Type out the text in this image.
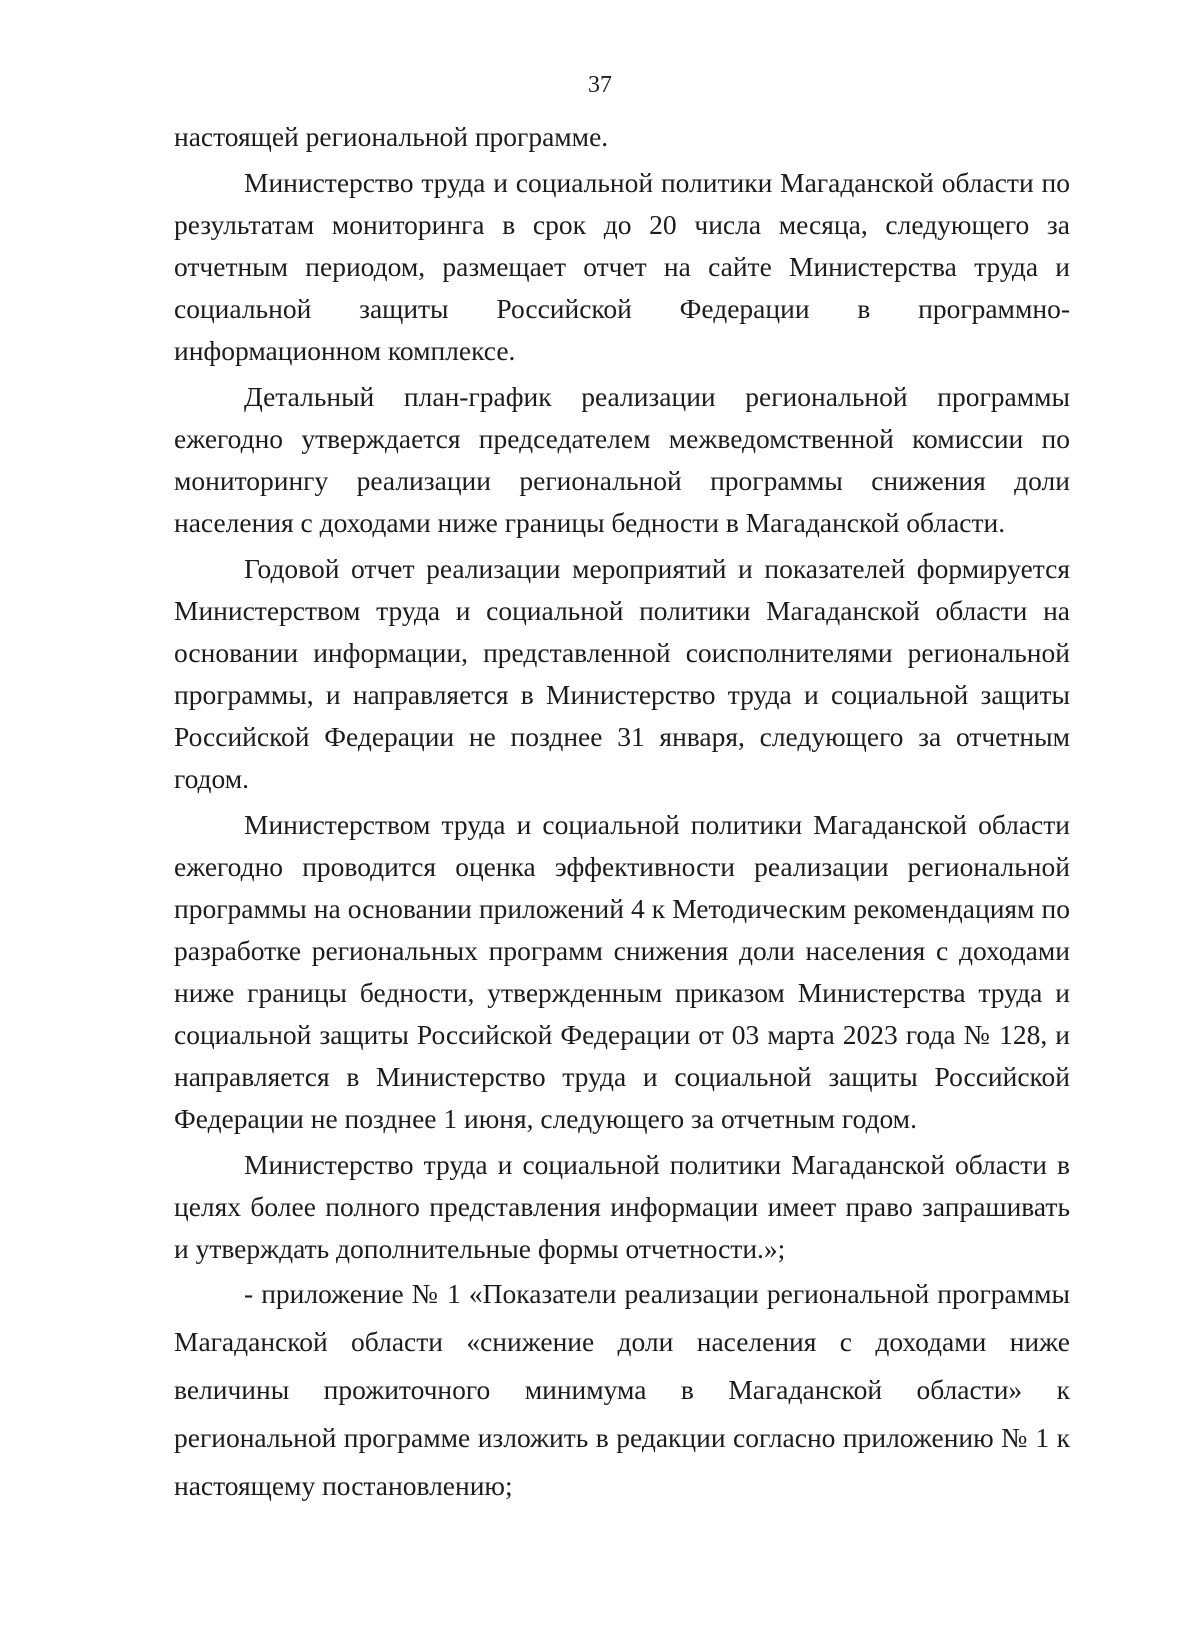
37

настоящей региональной программе.

Министерство труда и социальной политики Магаданской области по результатам мониторинга в срок до 20 числа месяца, следующего за отчетным периодом, размещает отчет на сайте Министерства труда и социальной защиты Российской Федерации в программно-информационном комплексе.

Детальный план-график реализации региональной программы ежегодно утверждается председателем межведомственной комиссии по мониторингу реализации региональной программы снижения доли населения с доходами ниже границы бедности в Магаданской области.

Годовой отчет реализации мероприятий и показателей формируется Министерством труда и социальной политики Магаданской области на основании информации, представленной соисполнителями региональной программы, и направляется в Министерство труда и социальной защиты Российской Федерации не позднее 31 января, следующего за отчетным годом.

Министерством труда и социальной политики Магаданской области ежегодно проводится оценка эффективности реализации региональной программы на основании приложений 4 к Методическим рекомендациям по разработке региональных программ снижения доли населения с доходами ниже границы бедности, утвержденным приказом Министерства труда и социальной защиты Российской Федерации от 03 марта 2023 года № 128, и направляется в Министерство труда и социальной защиты Российской Федерации не позднее 1 июня, следующего за отчетным годом.

Министерство труда и социальной политики Магаданской области в целях более полного представления информации имеет право запрашивать и утверждать дополнительные формы отчетности.»;

- приложение № 1 «Показатели реализации региональной программы Магаданской области «снижение доли населения с доходами ниже величины прожиточного минимума в Магаданской области» к региональной программе изложить в редакции согласно приложению № 1 к настоящему постановлению;
